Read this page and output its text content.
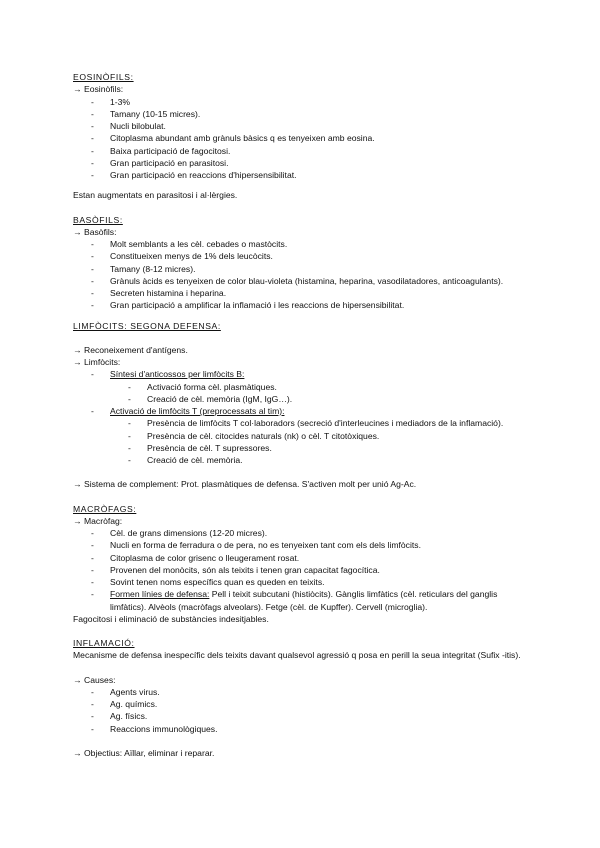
EOSINÒFILS:
→ Eosinòfils:
- 1-3%
- Tamany (10-15 micres).
- Nucli bilobulat.
- Citoplasma abundant amb grànuls bàsics q es tenyeixen amb eosina.
- Baixa participació de fagocitosi.
- Gran participació en parasitosi.
- Gran participació en reaccions d'hipersensibilitat.
Estan augmentats en parasitosi i al·lèrgies.
BASÒFILS:
→ Basòfils:
- Molt semblants a les cèl. cebades o mastòcits.
- Constitueixen menys de 1% dels leucòcits.
- Tamany (8-12 micres).
- Grànuls àcids es tenyeixen de color blau-violeta (histamina, heparina, vasodilatadores, anticoagulants).
- Secreten histamina i heparina.
- Gran participació a amplificar la inflamació i les reaccions de hipersensibilitat.
LIMFÒCITS: SEGONA DEFENSA:
→ Reconeixement d'antígens.
→ Limfòcits:
- Síntesi d'anticossos per limfòcits B:
- Activació forma cèl. plasmàtiques.
- Creació de cèl. memòria (IgM, IgG…).
- Activació de limfòcits T (preprocessats al tim):
- Presència de limfòcits T col·laboradors (secreció d'interleucines i mediadors de la inflamació).
- Presència de cèl. citocides naturals (nk) o cèl. T citotòxiques.
- Presència de cèl. T supressores.
- Creació de cèl. memòria.
→ Sistema de complement: Prot. plasmàtiques de defensa. S'activen molt per unió Ag-Ac.
MACRÒFAGS:
→ Macròfag:
- Cèl. de grans dimensions (12-20 micres).
- Nucli en forma de ferradura o de pera, no es tenyeixen tant com els dels limfòcits.
- Citoplasma de color grisenc o lleugerament rosat.
- Provenen del monòcits, són als teixits i tenen gran capacitat fagocítica.
- Sovint tenen noms específics quan es queden en teixits.
- Formen línies de defensa: Pell i teixit subcutani (histiòcits). Gànglis limfàtics (cèl. reticulars del ganglis limfàtics). Alvèols (macròfags alveolars). Fetge (cèl. de Kupffer). Cervell (microglia).
Fagocitosi i eliminació de substàncies indesitjables.
INFLAMACIÓ:
Mecanisme de defensa inespecífic dels teixits davant qualsevol agressió q posa en perill la seua integritat (Sufix -itis).
→ Causes:
- Agents virus.
- Ag. químics.
- Ag. físics.
- Reaccions immunològiques.
→ Objectius: Aïllar, eliminar i reparar.
